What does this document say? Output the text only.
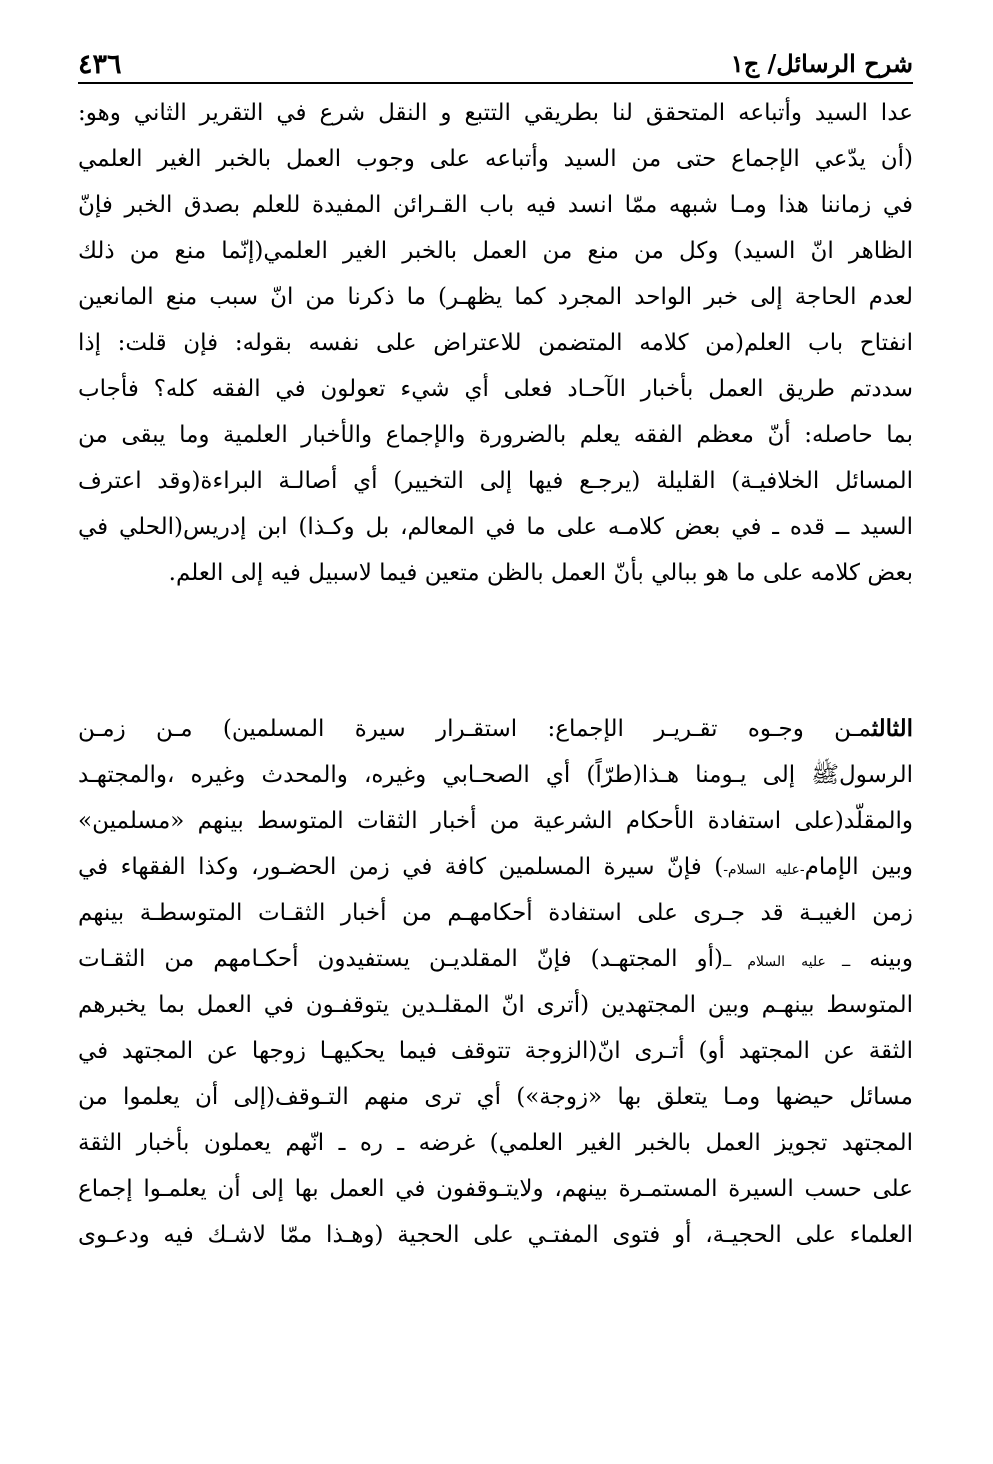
شرح الرسائل/ ج١
٤٣٦
عدا السيد وأتباعه المتحقق لنا بطريقي التتبع و النقل شرع في التقرير الثاني وهو:
(أن يدّعي الإجماع حتى من السيد وأتباعه على وجوب العمل بالخبر الغير العلمي
في زماننا هذا ومـا شبهه ممّا انسد فيه باب القـرائن المفيدة للعلم بصدق الخبر فإنّ
الظاهر انّ السيد) وكل من منع من العمل بالخبر الغير العلمي(إنّما منع من ذلك
لعدم الحاجة إلى خبر الواحد المجرد كما يظهـر) ما ذكرنا من انّ سبب منع المانعين
انفتاح باب العلم(من كلامه المتضمن للاعتراض على نفسه بقوله: فإن قلت: إذا
سددتم طريق العمل بأخبار الآحـاد فعلى أي شيء تعولون في الفقه كله؟ فأجاب
بما حاصله: أنّ معظم الفقه يعلم بالضرورة والإجماع والأخبار العلمية وما يبقى من
المسائل الخلافيـة) القليلة (يرجـع فيها إلى التخيير) أي أصالـة البراءة(وقد اعترف
السيد ــ قده ـ في بعض كلامـه على ما في المعالم، بل وكـذا) ابن إدريس(الحلي في
بعض كلامه على ما هو ببالي بأنّ العمل بالظن متعين فيما لاسبيل فيه إلى العلم.
الثالثمـن وجـوه تقـريـر الإجماع: استقـرار سيرة المسلمين) مـن زمـن
الرسولﷺ إلى يـومنا هـذا(طرّاً) أي الصحـابي وغيره، والمحدث وغيره ،والمجتهـد
والمقلّد(على استفادة الأحكام الشرعية من أخبار الثقات المتوسط بينهم «مسلمين»
وبين الإمام-عليه السلام-) فإنّ سيرة المسلمين كافة في زمن الحضـور، وكذا الفقهاء في
زمن الغيبـة قد جـرى على استفادة أحكامهـم من أخبار الثقـات المتوسطـة بينهم
وبينه ــ عليه السلام ــ(أو المجتهـد) فإنّ المقلديـن يستفيدون أحكـامهم من الثقـات
المتوسط بينهـم وبين المجتهدين (أترى انّ المقلـدين يتوقفـون في العمل بما يخبرهم
الثقة عن المجتهد أو) أتـرى انّ(الزوجة تتوقف فيما يحكيهـا زوجها عن المجتهد في
مسائل حيضها ومـا يتعلق بها «زوجة») أي ترى منهم التـوقف(إلى أن يعلموا من
المجتهد تجويز العمل بالخبر الغير العلمي) غرضه ـ ره ـ انّهم يعملون بأخبار الثقة
على حسب السيرة المستمـرة بينهم، ولايتـوقفون في العمل بها إلى أن يعلمـوا إجماع
العلماء على الحجيـة، أو فتوى المفتـي على الحجية (وهـذا ممّا لاشـك فيه ودعـوى
